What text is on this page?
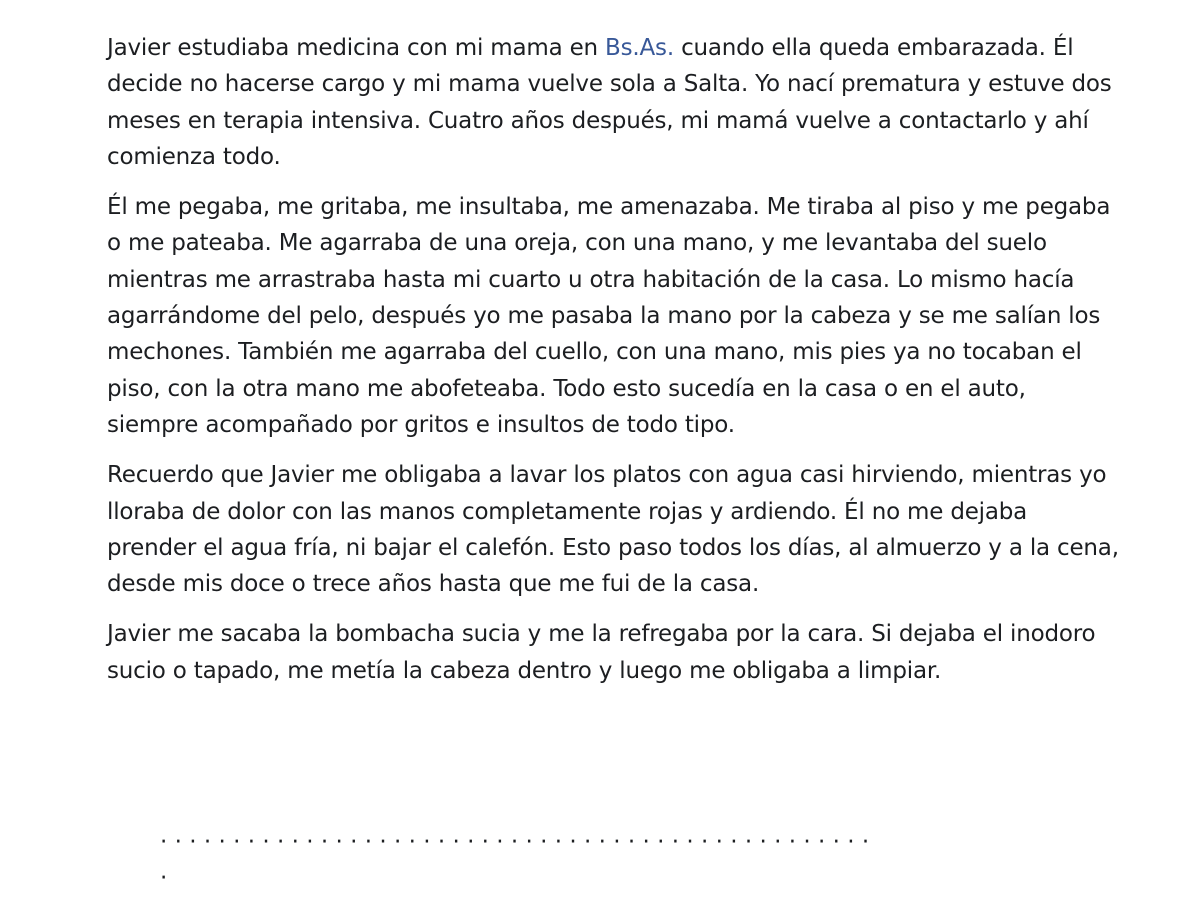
Javier estudiaba medicina con mi mama en Bs.As. cuando ella queda embarazada. Él decide no hacerse cargo y mi mama vuelve sola a Salta. Yo nací prematura y estuve dos meses en terapia intensiva. Cuatro años después, mi mamá vuelve a contactarlo y ahí comienza todo.

Él me pegaba, me gritaba, me insultaba, me amenazaba. Me tiraba al piso y me pegaba o me pateaba. Me agarraba de una oreja, con una mano, y me levantaba del suelo mientras me arrastraba hasta mi cuarto u otra habitación de la casa. Lo mismo hacía agarrándome del pelo, después yo me pasaba la mano por la cabeza y se me salían los mechones. También me agarraba del cuello, con una mano, mis pies ya no tocaban el piso, con la otra mano me abofeteaba. Todo esto sucedía en la casa o en el auto, siempre acompañado por gritos e insultos de todo tipo.

Recuerdo que Javier me obligaba a lavar los platos con agua casi hirviendo, mientras yo lloraba de dolor con las manos completamente rojas y ardiendo. Él no me dejaba prender el agua fría, ni bajar el calefón. Esto paso todos los días, al almuerzo y a la cena, desde mis doce o trece años hasta que me fui de la casa.

Javier me sacaba la bombacha sucia y me la refregaba por la cara. Si dejaba el inodoro sucio o tapado, me metía la cabeza dentro y luego me obligaba a limpiar.

· · · · · · · · · · · · · · · · · · · · · · · · · · · · · · · · · · · · · · · · · · · · · · · · · ·
